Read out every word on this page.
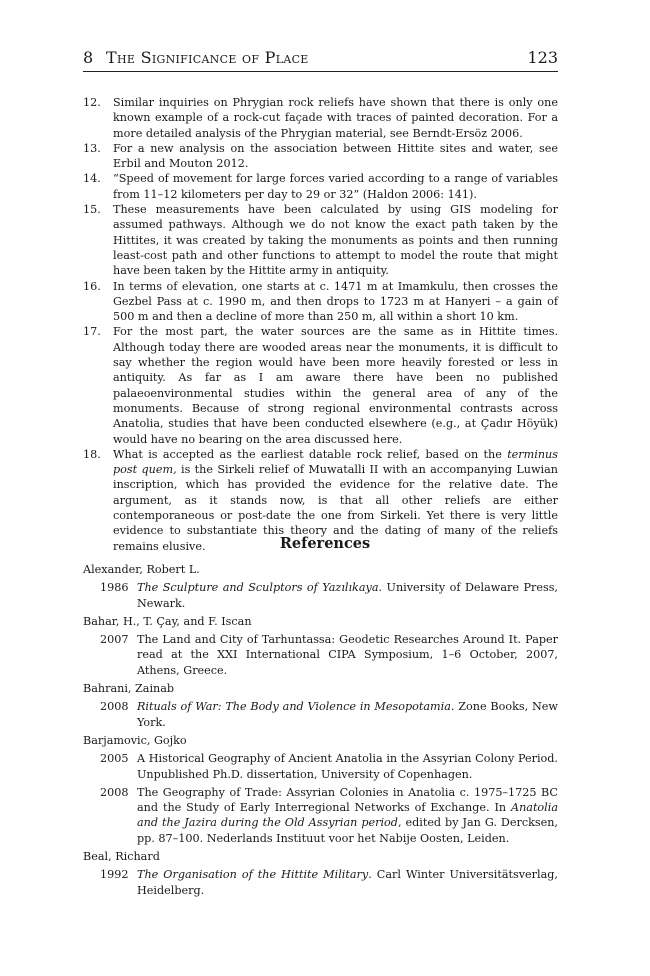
8 The Significance of Place	123
12. Similar inquiries on Phrygian rock reliefs have shown that there is only one known example of a rock-cut façade with traces of painted decoration. For a more detailed analysis of the Phrygian material, see Berndt-Ersöz 2006.
13. For a new analysis on the association between Hittite sites and water, see Erbil and Mouton 2012.
14. “Speed of movement for large forces varied according to a range of variables from 11–12 kilometers per day to 29 or 32” (Haldon 2006: 141).
15. These measurements have been calculated by using GIS modeling for assumed pathways. Although we do not know the exact path taken by the Hittites, it was created by taking the monuments as points and then running least-cost path and other functions to attempt to model the route that might have been taken by the Hittite army in antiquity.
16. In terms of elevation, one starts at c. 1471 m at Imamkulu, then crosses the Gezbel Pass at c. 1990 m, and then drops to 1723 m at Hanyeri – a gain of 500 m and then a decline of more than 250 m, all within a short 10 km.
17. For the most part, the water sources are the same as in Hittite times. Although today there are wooded areas near the monuments, it is difficult to say whether the region would have been more heavily forested or less in antiquity. As far as I am aware there have been no published palaeoenvironmental studies within the general area of any of the monuments. Because of strong regional environmental contrasts across Anatolia, studies that have been conducted elsewhere (e.g., at Çadır Höyük) would have no bearing on the area discussed here.
18. What is accepted as the earliest datable rock relief, based on the terminus post quem, is the Sirkeli relief of Muwatalli II with an accompanying Luwian inscription, which has provided the evidence for the relative date. The argument, as it stands now, is that all other reliefs are either contemporaneous or post-date the one from Sirkeli. Yet there is very little evidence to substantiate this theory and the dating of many of the reliefs remains elusive.	References
Alexander, Robert L.
1986 The Sculpture and Sculptors of Yazılıkaya. University of Delaware Press, Newark.
Bahar, H., T. Çay, and F. Iscan
2007 The Land and City of Tarhuntassa: Geodetic Researches Around It. Paper read at the XXI International CIPA Symposium, 1–6 October, 2007, Athens, Greece.
Bahrani, Zainab
2008 Rituals of War: The Body and Violence in Mesopotamia. Zone Books, New York.
Barjamovic, Gojko
2005 A Historical Geography of Ancient Anatolia in the Assyrian Colony Period. Unpublished Ph.D. dissertation, University of Copenhagen.
2008 The Geography of Trade: Assyrian Colonies in Anatolia c. 1975–1725 BC and the Study of Early Interregional Networks of Exchange. In Anatolia and the Jazira during the Old Assyrian period, edited by Jan G. Dercksen, pp. 87–100. Nederlands Instituut voor het Nabije Oosten, Leiden.
Beal, Richard
1992 The Organisation of the Hittite Military. Carl Winter Universitätsverlag, Heidelberg.
